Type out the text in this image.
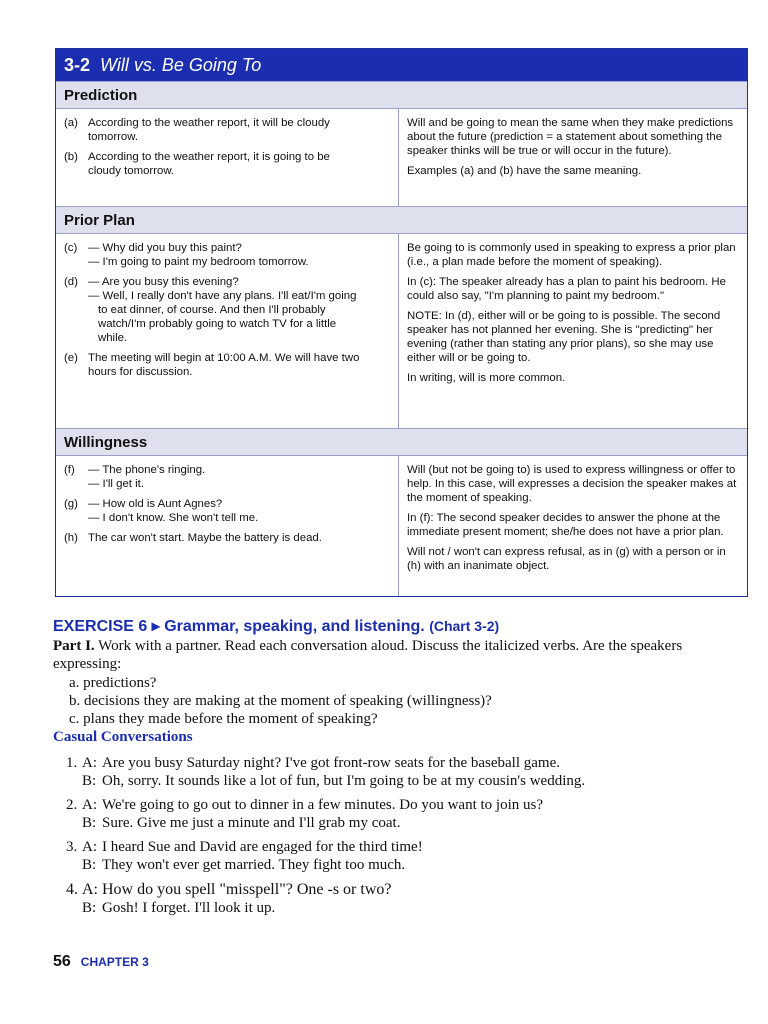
3-2 Will vs. Be Going To
Prediction
(a) According to the weather report, it will be cloudy
tomorrow.
(b) According to the weather report, it is going to be
cloudy tomorrow.

Will and be going to mean the same when they make predictions about the future (prediction = a statement about something the speaker thinks will be true or will occur in the future).

Examples (a) and (b) have the same meaning.

Prior Plan
(c) — Why did you buy this paint?
— I'm going to paint my bedroom tomorrow.
(d) — Are you busy this evening?
— Well, I really don't have any plans. I'll eat/I'm going
to eat dinner, of course. And then I'll probably
watch/I'm probably going to watch TV for a little
while.
(e) The meeting will begin at 10:00 A.M. We will have two
hours for discussion.

Be going to is commonly used in speaking to express a prior plan (i.e., a plan made before the moment of speaking).

In (c): The speaker already has a plan to paint his bedroom. He could also say, "I'm planning to paint my bedroom."

NOTE: In (d), either will or be going to is possible. The second speaker has not planned her evening. She is "predicting" her evening (rather than stating any prior plans), so she may use either will or be going to.

In writing, will is more common.

Willingness
(f)	— The phone's ringing.
— I'll get it.
(g) — How old is Aunt Agnes?
— I don't know. She won't tell me.
(h) The car won't start. Maybe the battery is dead.

Will (but not be going to) is used to express willingness or offer to help. In this case, will expresses a decision the speaker makes at the moment of speaking.

In (f): The second speaker decides to answer the phone at the immediate present moment; she/he does not have a prior plan.

Will not / won't can express refusal, as in (g) with a person or in (h) with an inanimate object.

EXERCISE 6 ▸ Grammar, speaking, and listening. (Chart 3-2)
Part I. Work with a partner. Read each conversation aloud. Discuss the italicized verbs. Are the speakers expressing:
a. predictions?
b. decisions they are making at the moment of speaking (willingness)?
c. plans they made before the moment of speaking?
Casual Conversations
1. A: Are you busy Saturday night? I've got front-row seats for the baseball game.
B: Oh, sorry. It sounds like a lot of fun, but I'm going to be at my cousin's wedding.
2. A: We're going to go out to dinner in a few minutes. Do you want to join us?
B: Sure. Give me just a minute and I'll grab my coat.
3. A: I heard Sue and David are engaged for the third time!
B: They won't ever get married. They fight too much.
4. A: How do you spell "misspell"? One -s or two?
B: Gosh! I forget. I'll look it up.
56 CHAPTER 3
